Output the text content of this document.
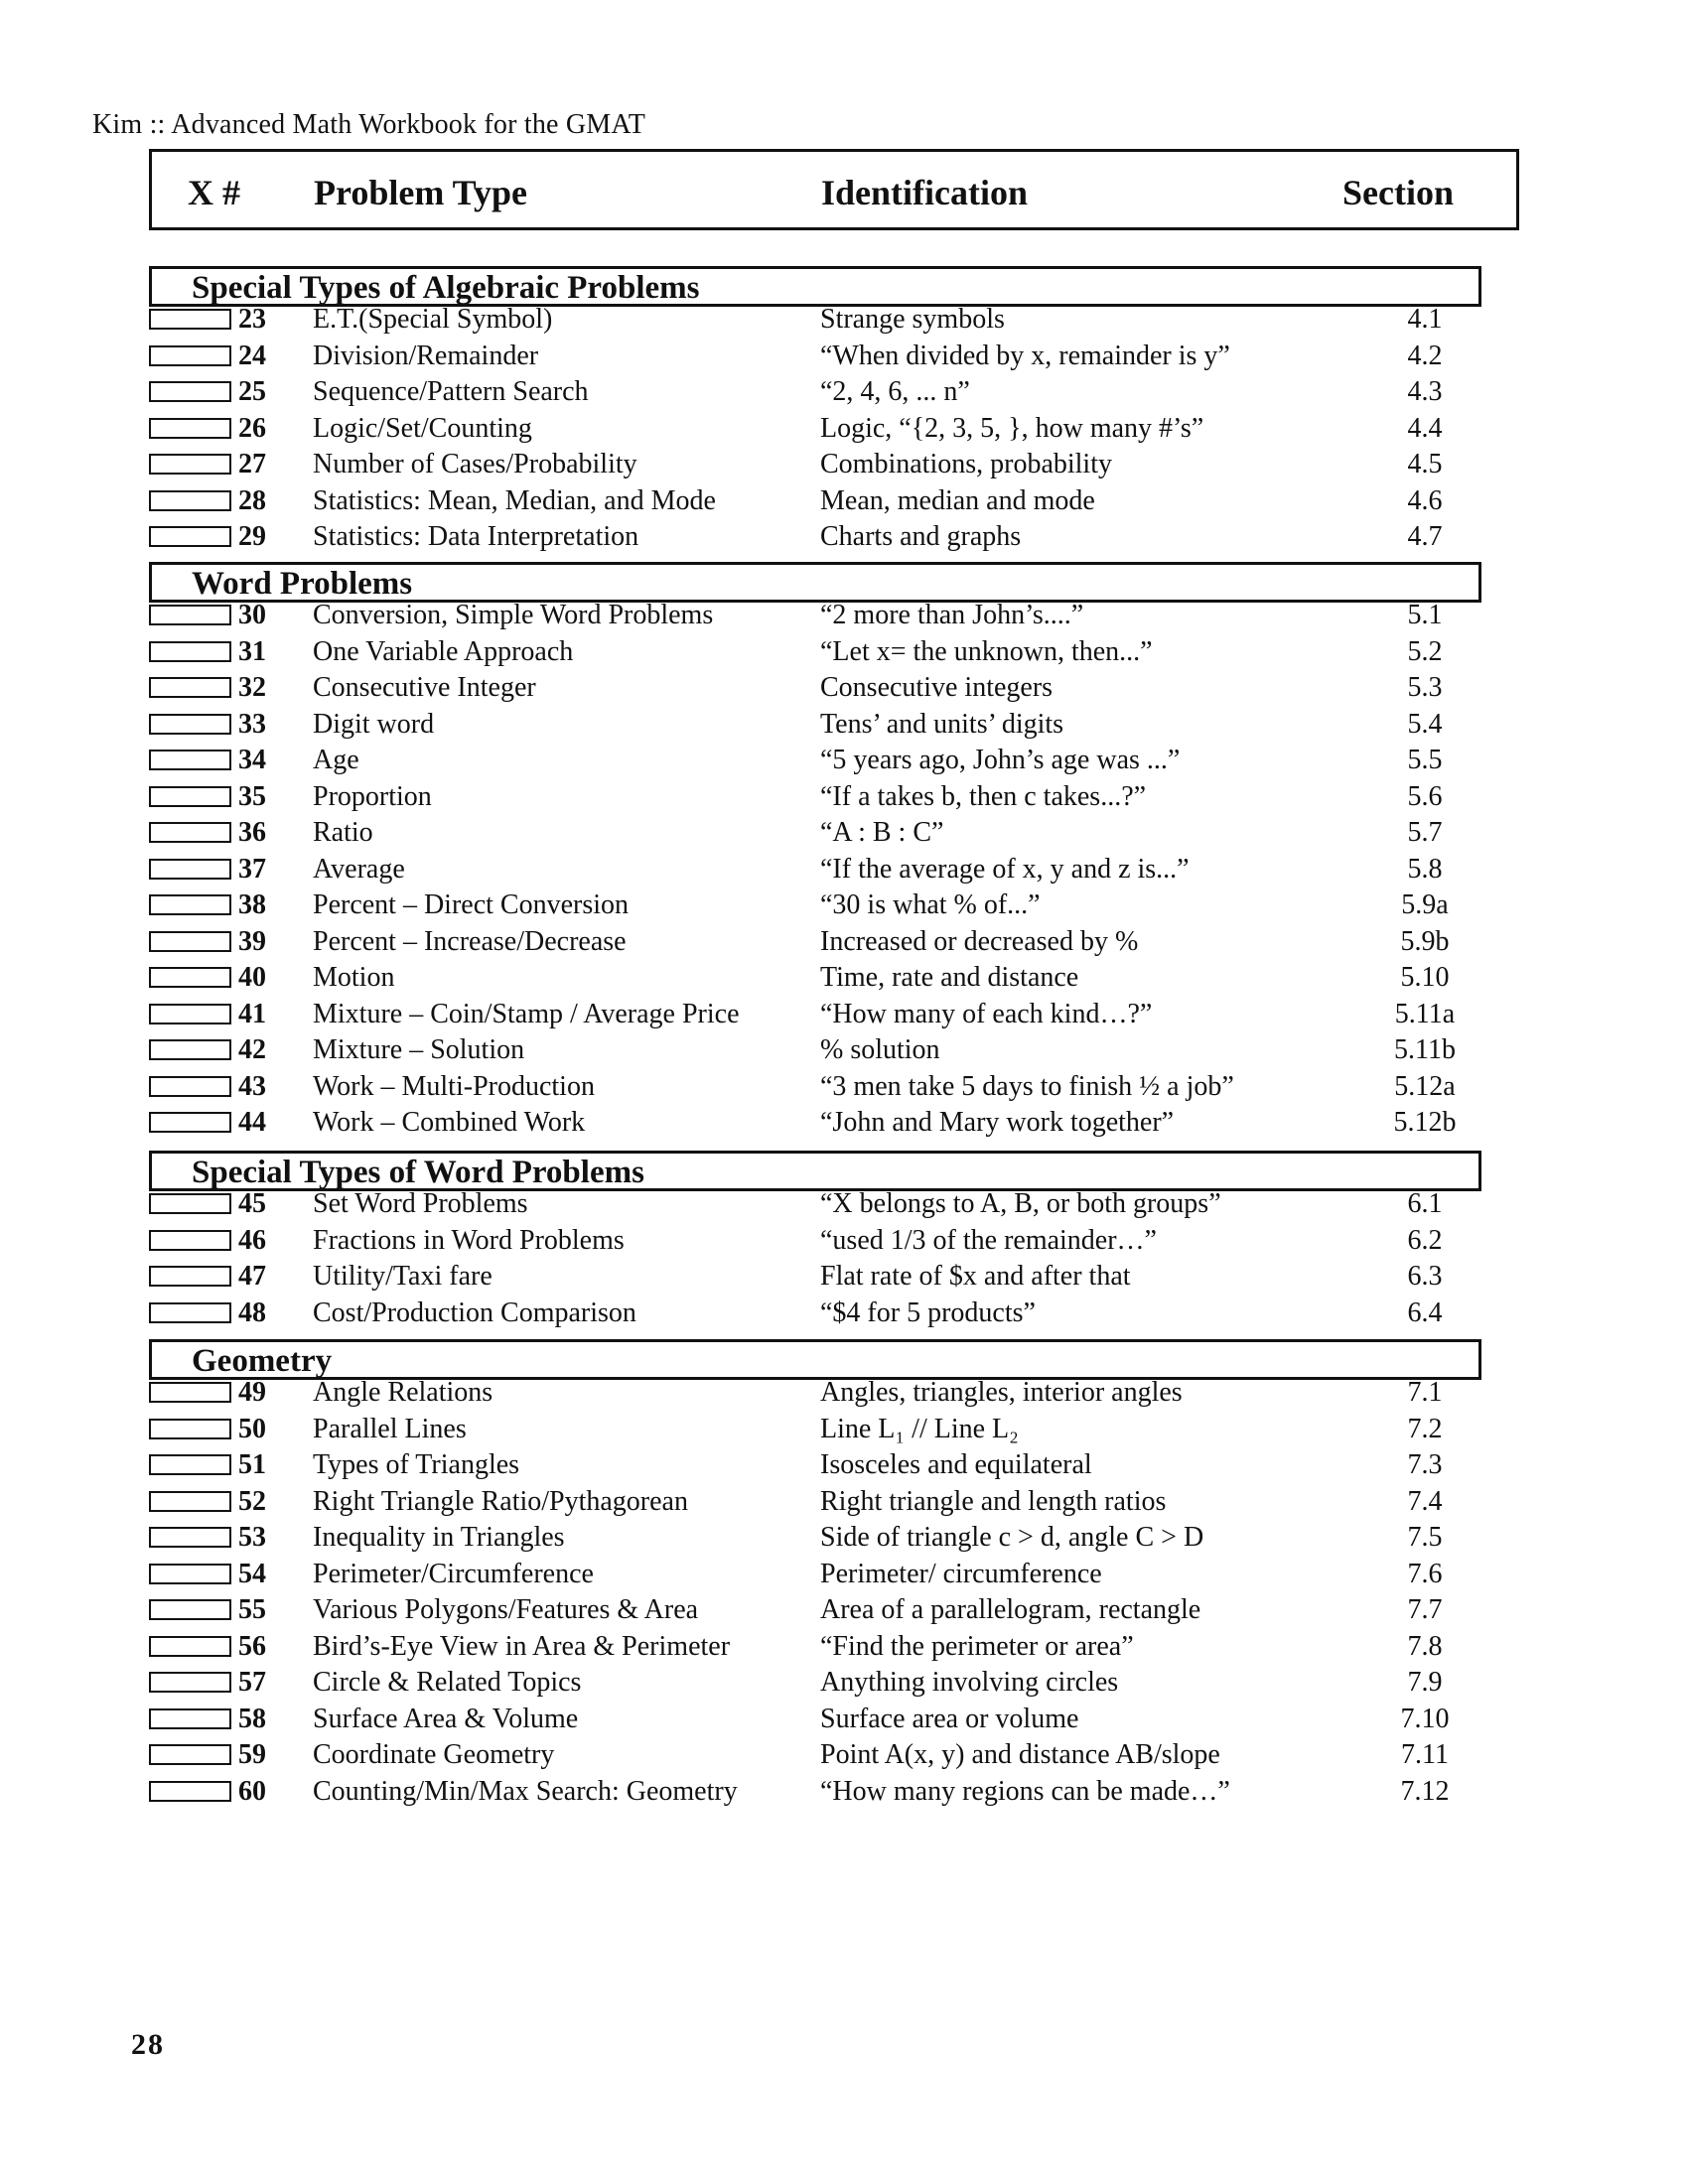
Kim :: Advanced Math Workbook for the GMAT
X # Problem Type	Identification	Section
Special Types of Algebraic Problems
23 E.T.(Special Symbol)	Strange symbols	4.1
24 Division/Remainder	“When divided by x, remainder is y”	4.2
25 Sequence/Pattern Search	“2, 4, 6, ... n”	4.3
26 Logic/Set/Counting	Logic, “{2, 3, 5, }, how many #’s”	4.4
27 Number of Cases/Probability	Combinations, probability	4.5
28 Statistics: Mean, Median, and Mode	Mean, median and mode	4.6
29 Statistics: Data Interpretation	Charts and graphs	4.7
Word Problems
30 Conversion, Simple Word Problems	“2 more than John’s....”	5.1
31 One Variable Approach	“Let x= the unknown, then...”	5.2
32 Consecutive Integer	Consecutive integers	5.3
33 Digit word	Tens’ and units’ digits	5.4
34 Age	“5 years ago, John’s age was ...”	5.5
35 Proportion	“If a takes b, then c takes...?”	5.6
36 Ratio	“A : B : C”	5.7
37 Average	“If the average of x, y and z is...”	5.8
38 Percent – Direct Conversion	“30 is what % of...”	5.9a
39 Percent – Increase/Decrease	Increased or decreased by %	5.9b
40 Motion	Time, rate and distance	5.10
41 Mixture – Coin/Stamp / Average Price	“How many of each kind…?”	5.11a
42 Mixture – Solution	% solution	5.11b
43 Work – Multi-Production	“3 men take 5 days to finish ½ a job”	5.12a
44 Work – Combined Work	“John and Mary work together”	5.12b
Special Types of Word Problems
45 Set Word Problems	“X belongs to A, B, or both groups”	6.1
46 Fractions in Word Problems	“used 1/3 of the remainder…”	6.2
47 Utility/Taxi fare	Flat rate of $x and after that	6.3
48 Cost/Production Comparison	“$4 for 5 products”	6.4
Geometry
49 Angle Relations	Angles, triangles, interior angles	7.1
50 Parallel Lines	Line L₁ // Line L₂	7.2
51 Types of Triangles	Isosceles and equilateral	7.3
52 Right Triangle Ratio/Pythagorean	Right triangle and length ratios	7.4
53 Inequality in Triangles	Side of triangle c > d, angle C > D	7.5
54 Perimeter/Circumference	Perimeter/ circumference	7.6
55 Various Polygons/Features & Area	Area of a parallelogram, rectangle	7.7
56 Bird’s-Eye View in Area & Perimeter	“Find the perimeter or area”	7.8
57 Circle & Related Topics	Anything involving circles	7.9
58 Surface Area & Volume	Surface area or volume	7.10
59 Coordinate Geometry	Point A(x, y) and distance AB/slope	7.11
60 Counting/Min/Max Search: Geometry	“How many regions can be made…”	7.12
28
